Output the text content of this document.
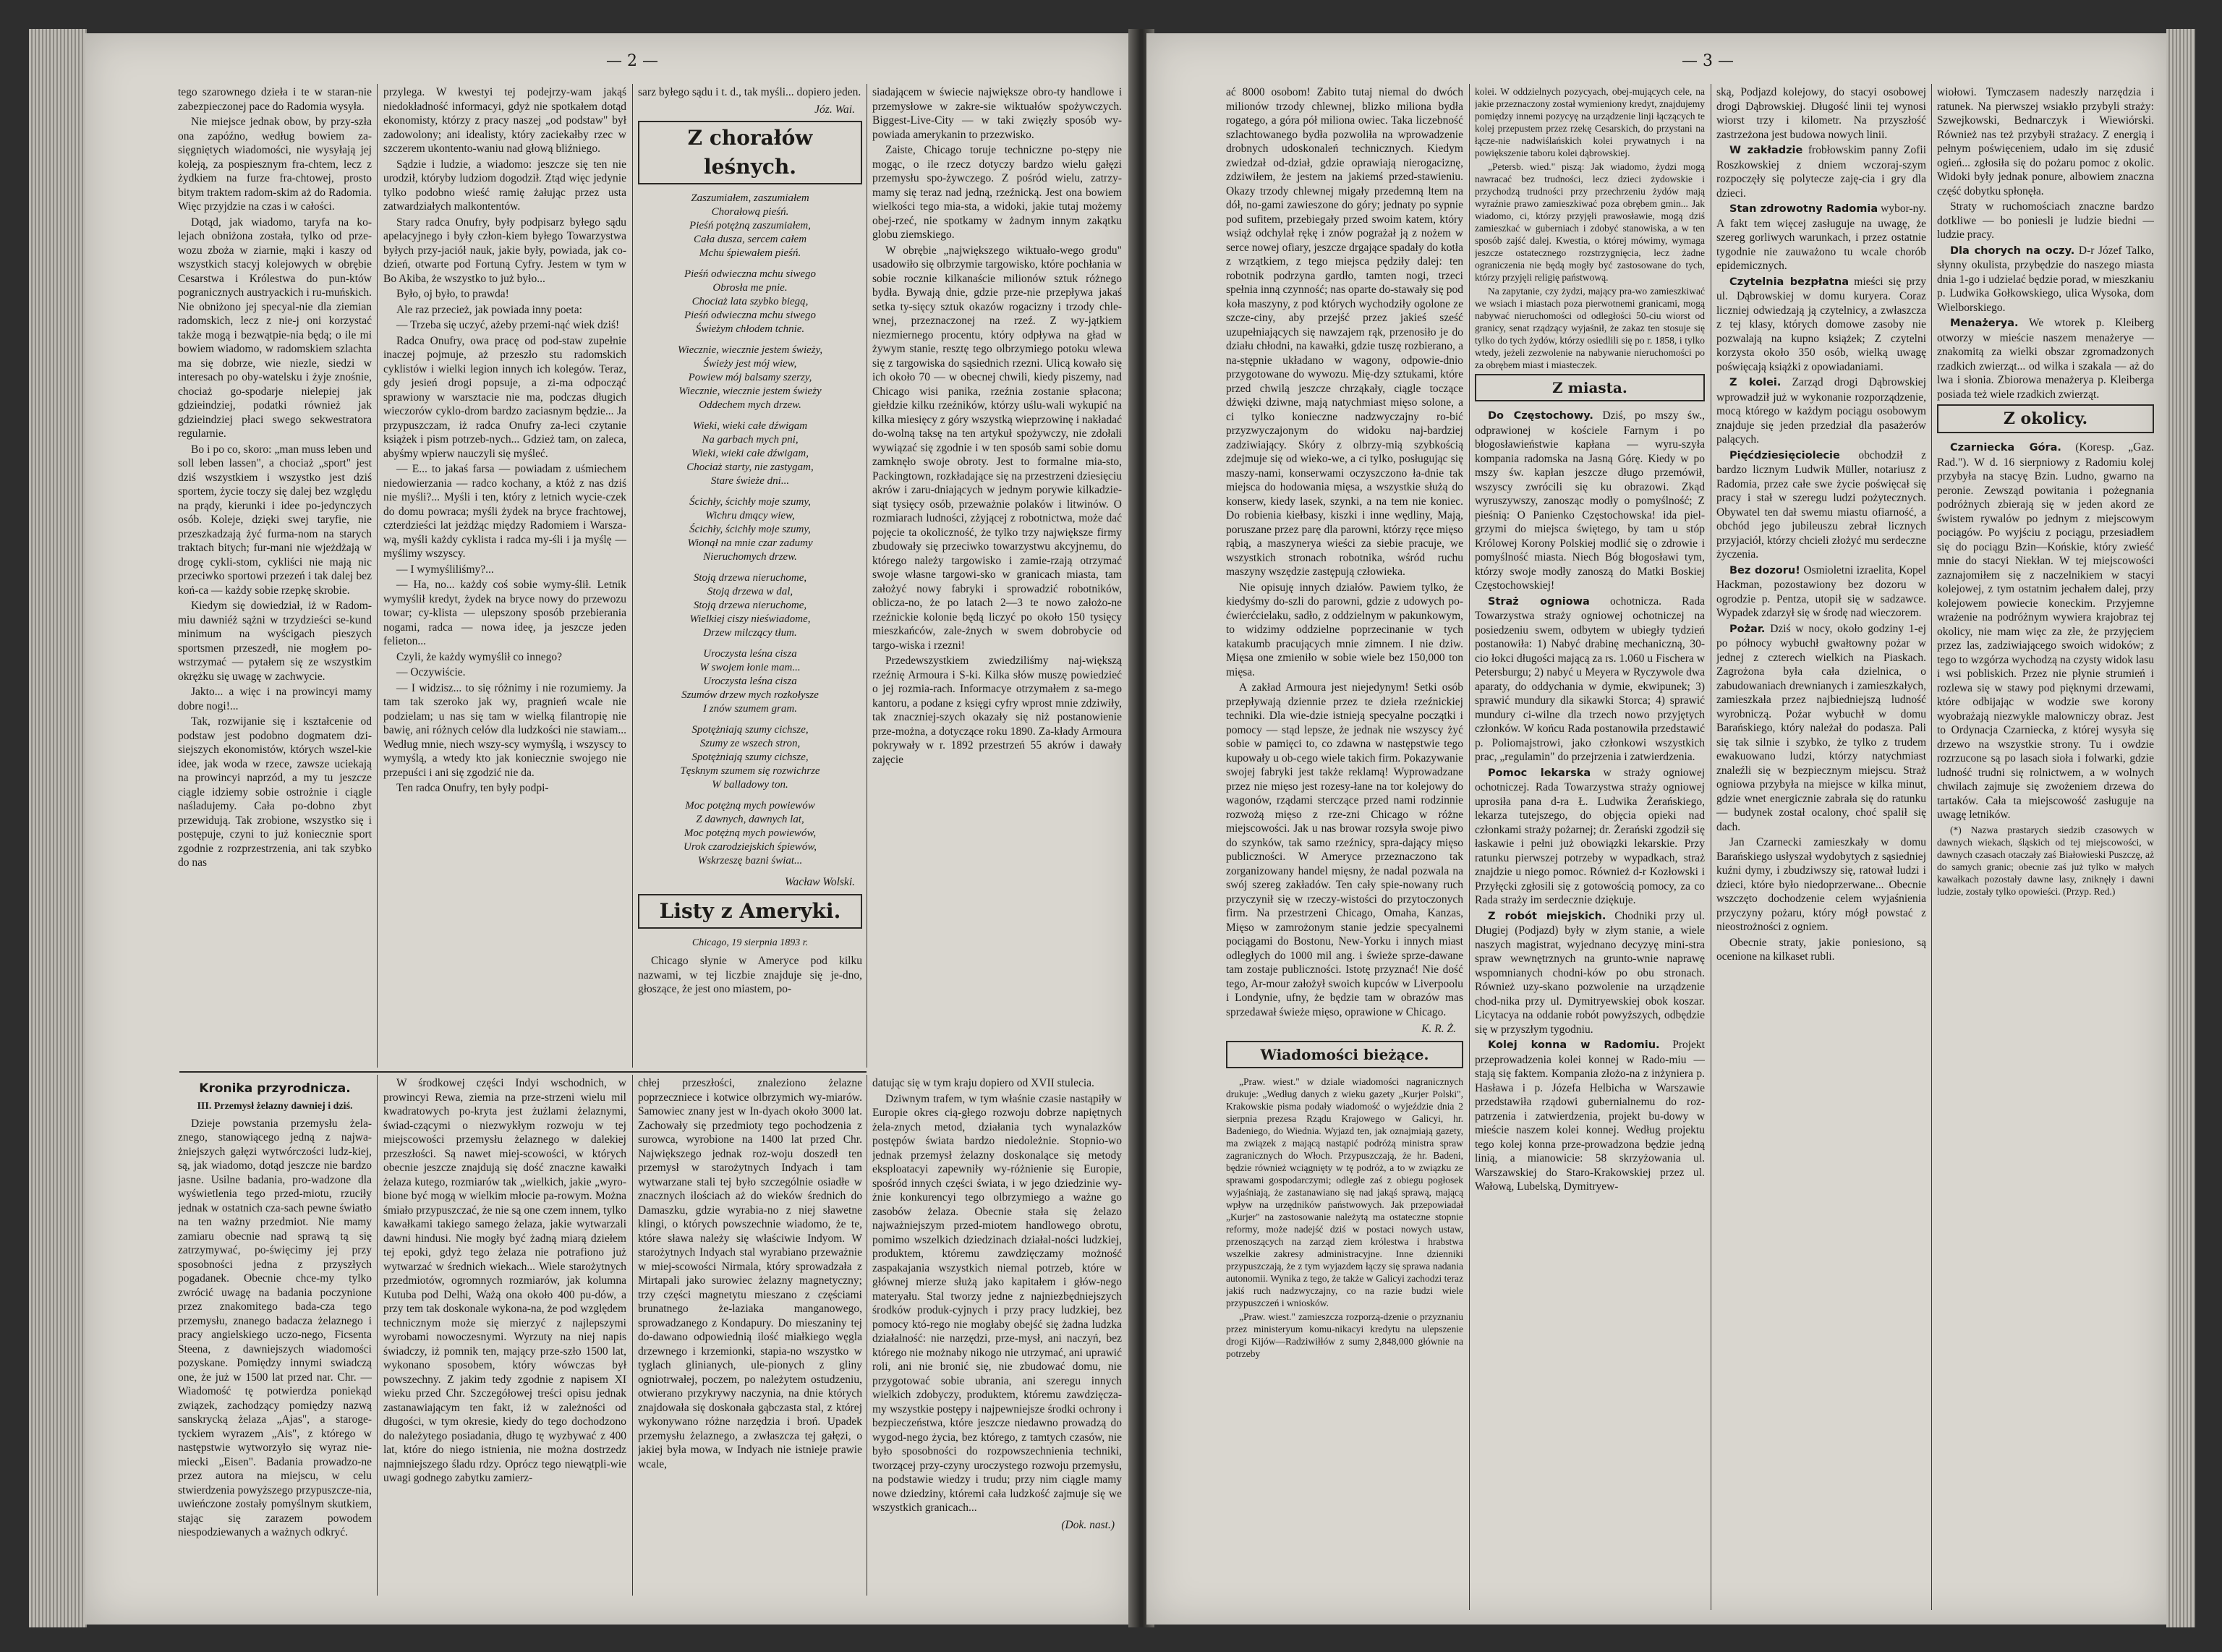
— 2 —

tego szarownego dzieła i te w staran-nie zabezpieczonej pace do Radomia wysyła.

Nie miejsce jednak obow, by przy-szła ona zapóźno, według bowiem za-sięgniętych wiadomości, nie wysyłają jej koleją, za pospiesznym fra-chtem, lecz z żydkiem na furze fra-chtowej, prosto bitym traktem radom-skim aż do Radomia. Więc przyjdzie na czas i w całości.

Dotąd, jak wiadomo, taryfa na ko-lejach obniżona została, tylko od prze-wozu zboża w ziarnie, mąki i kaszy od wszystkich stacyj kolejowych w obrębie Cesarstwa i Królestwa do pun-któw pogranicznych austryackich i ru-muńskich. Nie obniżono jej specyal-nie dla ziemian radomskich, lecz z nie-j oni korzystać także mogą i bezwątpie-nia będą; o ile mi bowiem wiadomo, w radomskiem szlachta ma się dobrze, wie niezle, siedzi w interesach po oby-watelsku i żyje znośnie, chociaż go-spodarje nielepiej jak gdzieindziej, podatki również jak gdzieindziej płaci swego sekwestratora regularnie.

Bo i po co, skoro: „man muss leben und soll leben lassen", a chociaż „sport" jest dziś wszystkiem i wszystko jest dziś sportem, życie toczy się dalej bez względu na prądy, kierunki i idee po-jedynczych osób. Koleje, dzięki swej taryfie, nie przeszkadzają żyć furma-nom na starych traktach bitych; fur-mani nie wjeżdżają w drogę cykli-stom, cykliści nie mają nic przeciwko sportowi przezeń i tak dalej bez koń-ca — każdy sobie rzepkę skrobie.

Kiedym się dowiedział, iż w Radom-miu dawniéż sążni w trzydzieści se-kund minimum na wyścigach pieszych sportsmen przeszedł, nie mogłem po-wstrzymać — pytałem się ze wszystkim okrężku się uwagę w zachwycie.

Jakto... a więc i na prowincyi mamy dobre nogi!...

Tak, rozwijanie się i kształcenie od podstaw jest podobno dogmatem dzi-siejszych ekonomistów, których wszel-kie idee, jak woda w rzece, zawsze uciekają na prowincyi naprzód, a my tu jeszcze ciągle idziemy sobie ostrożnie i ciągle naśladujemy. Cała po-dobno zbyt przewidują. Tak zrobione, wszystko się i postępuje, czyni to już koniecznie sport zgodnie z rozprzestrzenia, ani tak szybko do nas

przylega. W kwestyi tej podejrzy-wam jakąś niedokładność informacyi, gdyż nie spotkałem dotąd ekonomisty, którzy z pracy naszej „od podstaw" był zadowolony; ani idealisty, który zaciekałby rzec w szczerem ukontento-waniu nad głową bliźniego.

Sądzie i ludzie, a wiadomo: jeszcze się ten nie urodził, któryby ludziom dogodził. Ztąd więc jedynie tylko podobno wieść ramię żałując przez usta zatwardziałych malkontentów.

Stary radca Onufry, były podpisarz byłego sądu apelacyjnego i były człon-kiem byłego Towarzystwa byłych przy-jaciół nauk, jakie były, powiada, jak co-dzień, otwarte pod Fortuną Cyfry. Jestem w tym w Bo Akiba, że wszystko to już było...

Było, oj było, to prawda!

Ale raz przecież, jak powiada inny poeta:

— Trzeba się uczyć, ażeby przemi-nąć wiek dziś!

Radca Onufry, owa pracę od pod-staw zupełnie inaczej pojmuje, aż przeszło stu radomskich cyklistów i wielki legion innych ich kolegów. Teraz, gdy jesień drogi popsuje, a zi-ma odpocząć sprawiony w warsztacie nie ma, podczas długich wieczorów cyklo-drom bardzo zaciasnym będzie... Ja przypuszczam, iż radca Onufry za-leci czytanie książek i pism potrzeb-nych... Gdzież tam, on zaleca, abyśmy wpierw nauczyli się myśleć.

— E... to jakaś farsa — powiadam z uśmiechem niedowierzania — radco kochany, a któż z nas dziś nie myśli?... Myśli i ten, który z letnich wycie-czek do domu powraca; myśli żydek na bryce frachtowej, czterdzieści lat jeżdżąc między Radomiem i Warsza-wą, myśli każdy cyklista i radca my-śli i ja myślę — myślimy wszyscy.

— I wymyśliliśmy?...

— Ha, no... każdy coś sobie wymy-ślił. Letnik wymyślił kredyt, żydek na bryce nowy do przewozu towar; cy-klista — ulepszony sposób przebierania nogami, radca — nowa ideę, ja jeszcze jeden felieton...

Czyli, że każdy wymyślił co innego?

— Oczywiście.

— I widzisz... to się różnimy i nie rozumiemy. Ja tam tak szeroko jak wy, pragnień wcale nie podzielam; u nas się tam w wielką filantropię nie bawię, ani różnych celów dla ludzkości nie stawiam... Według mnie, niech wszy-scy wymyślą, i wszyscy to wymyślą, a wtedy kto jak koniecznie swojego nie przepuści i ani się zgodzić nie da.

Ten radca Onufry, ten były podpi-

sarz byłego sądu i t. d., tak myśli... dopiero jeden.

Józ. Wai.
Z chorałów leśnych.
Zaszumiałem, zaszumiałem
Chorałową pieśń.
Pieśń potężną zaszumiałem,
Cała dusza, sercem całem
Mchu śpiewałem pieśń.
Pieśń odwieczna mchu siwego
Obrosła me pnie.
Chociaż lata szybko biegą,
Pieśń odwieczna mchu siwego
Świeżym chłodem tchnie.
Wiecznie, wiecznie jestem świeży,
Świeży jest mój wiew,
Powiew mój balsamy szerzy,
Wiecznie, wiecznie jestem świeży
Oddechem mych drzew.
Wieki, wieki całe dźwigam
Na garbach mych pni,
Wieki, wieki całe dźwigam,
Chociaż starty, nie zastygam,
Stare świeże dni...
Ścichły, ścichły moje szumy,
Wichru dmący wiew,
Ścichły, ścichły moje szumy,
Wionął na mnie czar zadumy
Nieruchomych drzew.
Stoją drzewa nieruchome,
Stoją drzewa w dal,
Stoją drzewa nieruchome,
Wielkiej ciszy nieświadome,
Drzew milczący tłum.
Uroczysta leśna cisza
W swojem łonie mam...
Uroczysta leśna cisza
Szumów drzew mych rozkołysze
I znów szumem gram.
Spotężniają szumy cichsze,
Szumy ze wszech stron,
Spotężniają szumy cichsze,
Tęsknym szumem się rozwichrze
W balladowy ton.
Moc potężną mych powiewów
Z dawnych, dawnych lat,
Moc potężną mych powiewów,
Urok czarodziejskich śpiewów,
Wskrzeszę bazni świat...
Wacław Wolski.
Listy z Ameryki.
Chicago, 19 sierpnia 1893 r.

Chicago słynie w Ameryce pod kilku nazwami, w tej liczbie znajduje się je-dno, głoszące, że jest ono miastem, po-

siadającem w świecie największe obro-ty handlowe i przemysłowe w zakre-sie wiktuałów spożywczych. Biggest-Live-City — w taki zwięzły sposób wy-powiada amerykanin to przezwisko.

Zaiste, Chicago toruje techniczne po-stępy nie mogąc, o ile rzecz dotyczy bardzo wielu gałęzi przemysłu spo-żywczego. Z pośród wielu, zatrzy-mamy się teraz nad jedną, rzeźnicką. Jest ona bowiem wielkości tego mia-sta, a widoki, jakie tutaj możemy obej-rzeć, nie spotkamy w żadnym innym zakątku globu ziemskiego.

W obrębie „największego wiktuało-wego grodu" usadowiło się olbrzymie targowisko, które pochłania w sobie rocznie kilkanaście milionów sztuk różnego bydła. Bywają dnie, gdzie prze-nie przepływa jakaś setka ty-sięcy sztuk okazów rogacizny i trzody chle-wnej, przeznaczonej na rzeź. Z wy-jątkiem niezmiernego procentu, który odpływa na gład w żywym stanie, resztę tego olbrzymiego potoku wlewa się z targowiska do sąsiednich rzezni. Ulicą kowało się ich około 70 — w obecnej chwili, kiedy piszemy, nad Chicago wisi panika, rzeźnia zostanie spłacona; giełdzie kilku rzeźników, którzy uślu-wali wykupić na kilka miesięcy z góry wszystką wieprzowinę i nakładać do-wolną taksę na ten artykuł spożywczy, nie zdołali wywiązać się zgodnie i w ten sposób sami sobie domu zamknęło swoje obroty. Jest to formalne mia-sto, Packingtown, rozkładające się na przestrzeni dziesięciu akrów i zaru-dniających w jednym porywie kilkadzie-siąt tysięcy osób, przeważnie polaków i litwinów. O rozmiarach ludności, zżyjącej z robotnictwa, może dać pojęcie ta okoliczność, że tylko trzy największe firmy zbudowały się przeciwko towarzystwu akcyjnemu, do którego należy targowisko i zamie-rzają otrzymać swoje własne targowi-sko w granicach miasta, tam założyć nowy fabryki i sprowadzić robotników, oblicza-no, że po latach 2—3 te nowo założo-ne rzeźnickie kolonie będą liczyć po około 150 tysięcy mieszkańców, zale-żnych w swem dobrobycie od targo-wiska i rzezni!

Przedewszystkiem zwiedziliśmy naj-większą rzeźnię Armoura i S-ki. Kilka słów muszę powiedzieć o jej rozmia-rach. Informacye otrzymałem z sa-mego kantoru, a podane z księgi cyfry wprost mnie zdziwiły, tak znaczniej-szych okazały się niż postanowienie prze-można, a dotyczące roku 1890. Za-kłady Armoura pokrywały w r. 1892 przestrzeń 55 akrów i dawały zajęcie

Kronika przyrodnicza.
III. Przemysł żelazny dawniej i dziś.

Dzieje powstania przemysłu żela-znego, stanowiącego jedną z najwa-żniejszych gałęzi wytwórczości ludz-kiej, są, jak wiadomo, dotąd jeszcze nie bardzo jasne. Usilne badania, pro-wadzone dla wyświetlenia tego przed-miotu, rzuciły jednak w ostatnich cza-sach pewne światło na ten ważny przedmiot. Nie mamy zamiaru obecnie nad sprawą tą się zatrzymywać, po-święcimy jej przy sposobności jedna z przyszłych pogadanek. Obecnie chce-my tylko zwrócić uwagę na badania poczynione przez znakomitego bada-cza tego przemysłu, znanego badacza żelaznego i pracy angielskiego uczo-nego, Ficsenta Steena, z dawniejszych wiadomości pozyskane. Pomiędzy innymi swiadczą one, że już w 1500 lat przed nar. Chr. — Wiadomość tę potwierdza poniekąd związek, zachodzący pomiędzy nazwą sanskrycką żelaza „Ajas", a staroge-tyckiem wyrazem „Ais", z którego w następstwie wytworzyło się wyraz nie-miecki „Eisen". Badania prowadzo-ne przez autora na miejscu, w celu stwierdzenia powyższego przypuszcze-nia, uwieńczone zostały pomyślnym skutkiem, stając się zarazem powodem niespodziewanych a ważnych odkryć.

W środkowej części Indyi wschodnich, w prowincyi Rewa, ziemia na prze-strzeni wielu mil kwadratowych po-kryta jest żużlami żelaznymi, świad-czącymi o niezwykłym rozwoju w tej miejscowości przemysłu żelaznego w dalekiej przeszłości. Są nawet miej-scowości, w których obecnie jeszcze znajdują się dość znaczne kawałki żelaza kutego, rozmiarów tak „wielkich, jakie „wyro-bione być mogą w wielkim młocie pa-rowym. Można śmiało przypuszczać, że nie są one czem innem, tylko kawałkami takiego samego żelaza, jakie wytwarzali dawni hindusi. Nie mogły być żadną miarą dziełem tej epoki, gdyż tego żelaza nie potrafiono już wytwarzać w średnich wiekach... Wiele starożytnych przedmiotów, ogromnych rozmiarów, jak kolumna Kutuba pod Delhi, Ważą ona około 400 pu-dów, a przy tem tak doskonale wykona-na, że pod względem technicznym może się mierzyć z najlepszymi wyrobami nowoczesnymi. Wyrzuty na niej napis świadczy, iż pomnik ten, mający prze-szło 1500 lat, wykonano sposobem, który wówczas był powszechny. Z jakim tedy zgodnie z napisem XI wieku przed Chr. Szczegółowej treści opisu jednak zastanawiającym ten fakt, iż w zależności od długości, w tym okresie, kiedy do tego dochodzono do należytego posiadania, długo tę wyzbywać z 400 lat, które do niego istnienia, nie można dostrzedz najmniejszego śladu rdzy. Oprócz tego niewątpli-wie uwagi godnego zabytku zamierz-

chłej przeszłości, znaleziono żelazne poprzeczniece i kotwice olbrzymich wy-miarów. Samowiec znany jest w In-dyach około 3000 lat. Zachowały się przedmioty tego pochodzenia z surowca, wyrobione na 1400 lat przed Chr. Największego jednak roz-woju doszedł ten przemysł w starożytnych Indyach i tam wytwarzane stali tej było szczególnie osiadłe w znacznych ilościach aż do wieków średnich do Damaszku, gdzie wyrabia-no z niej sławetne klingi, o których powszechnie wiadomo, że te, które sława należy się właściwie Indyom. W starożytnych Indyach stal wyrabiano przeważnie w miej-scowości Nirmala, który sprowadzała z Mirtapali jako surowiec żelazny magnetyczny; trzy części magnetytu mieszano z częściami brunatnego że-laziaka manganowego, sprowadzanego z Kondapury. Do mieszaniny tej do-dawano odpowiednią ilość miałkiego węgla drzewnego i krzemionki, stapia-no wszystko w tyglach glinianych, ule-pionych z gliny ogniotrwałej, poczem, po należytem ostudzeniu, otwierano przykrywy naczynia, na dnie których znajdowała się doskonała gąbczasta stal, z której wykonywano różne narzędzia i broń. Upadek przemysłu żelaznego, a zwłaszcza tej gałęzi, o jakiej była mowa, w Indyach nie istnieje prawie wcale,

datując się w tym kraju dopiero od XVII stulecia.

Dziwnym trafem, w tym właśnie czasie nastąpiły w Europie okres cią-głego rozwoju dobrze napiętnych żela-znych metod, działania tych wynalazków postępów świata bardzo niedoleżnie. Stopnio-wo jednak przemysł żelazny doskonalące się metody eksploatacyi zapewniły wy-różnienie się Europie, spośród innych części świata, i w jego dziedzinie wy-żnie konkurencyi tego olbrzymiego a ważne go zasobów żelaza. Obecnie stała się żelazo najważniejszym przed-miotem handlowego obrotu, pomimo wszelkich dziedzinach działal-ności ludzkiej, produktem, któremu zawdzięczamy możność zaspakajania wszystkich niemal potrzeb, które w głównej mierze służą jako kapitałem i głów-nego materyału. Stal tworzy jedne z najniezbędniejszych środków produk-cyjnych i przy pracy ludzkiej, bez pomocy któ-rego nie mogłaby obejść się żadna ludzka działalność: nie narzędzi, prze-mysł, ani naczyń, bez którego nie możnaby nikogo nie utrzymać, ani uprawić roli, ani nie bronić się, nie zbudować domu, nie przygotować sobie ubrania, ani szeregu innych wielkich zdobyczy, produktem, któremu zawdzięcza-my wszystkie postępy i najpewniejsze środki ochrony i bezpieczeństwa, które jeszcze niedawno prowadzą do wygod-nego życia, bez którego, z tamtych czasów, nie było sposobności do rozpowszechnienia techniki, tworzącej przy-czyny uroczystego rozwoju przemysłu, na podstawie wiedzy i trudu; przy nim ciągle mamy nowe dziedziny, któremi cała ludzkość zajmuje się we wszystkich granicach...

(Dok. nast.)
— 3 —

ać 8000 osobom! Zabito tutaj niemal do dwóch milionów trzody chlewnej, blizko miliona bydła rogatego, a góra pół miliona owiec. Taka liczebność szlachtowanego bydła pozwoliła na wprowadzenie drobnych udoskonaleń technicznych. Kiedym zwiedzał od-dział, gdzie oprawiają nierogaciznę, zdziwiłem, że jestem na jakiemś przed-stawieniu. Okazy trzody chlewnej migały przedemną ltem na dół, no-gami zawieszone do góry; jednaty po sypnie pod sufitem, przebiegały przed swoim katem, który wsiąż odchylał rękę i znów pograżał ją z nożem w serce nowej ofiary, jeszcze drgające spadały do kotła z wrzątkiem, z tego miejsca pędziły dalej: ten robotnik podrzyna gardło, tamten nogi, trzeci spełnia inną czynność; nas oparte do-stawały się pod koła maszyny, z pod których wychodziły ogolone ze szcze-ciny, aby przejść przez jakieś sześć uzupełniających się nawzajem rąk, przenosiło je do działu chłodni, na kawałki, gdzie tuszę rozbierano, a na-stępnie układano w wagony, odpowie-dnio przygotowane do wywozu. Mię-dzy sztukami, które przed chwilą jeszcze chrząkały, ciągle toczące dźwięki dziwne, mają natychmiast mięso solone, a ci tylko konieczne nadzwyczajny ro-bić przyzwyczajonym do widoku naj-bardziej zadziwiający. Skóry z olbrzy-mią szybkością zdejmuje się od wieko-we, a ci tylko, posługując się maszy-nami, konserwami oczyszczono ła-dnie tak miejsca do hodowania mięsa, a wszystkie służą do konserw, kiedy lasek, szynki, a na tem nie koniec. Do robienia kiełbasy, kiszki i inne wędliny, Mają, poruszane przez parę dla parowni, którzy ręce mięso rąbią, a maszynerya wieści za siebie pracuje, we wszystkich stronach robotnika, wśród ruchu maszyny wszędzie zastępują człowieka.

Nie opisuję innych działów. Pawiem tylko, że kiedyśmy do-szli do parowni, gdzie z udowych po-ćwierćcielaku, sadło, z oddzielnym w pakunkowym, to widzimy oddzielne poprzecinanie w tych katakumb pracujących mnie zimnem. I nie dziw. Mięsa one zmieniło w sobie wiele bez 150,000 ton mięsa.

A zakład Armoura jest niejedynym! Setki osób przepływają dziennie przez te dzieła rzeźnickiej techniki. Dla wie-dzie istnieją specyalne początki i pomocy — stąd lepsze, że jednak nie wszyscy żyć sobie w pamięci to, co zdawna w następstwie tego kupowały u ob-cego wiele takich firm. Pokazywanie swojej fabryki jest także reklamą! Wyprowadzane przez nie mięso jest rozesy-łane na tor kolejowy do wagonów, rządami sterczące przed nami rodzinnie rozwożą mięso z rze-zni Chicago w różne miejscowości. Jak u nas browar rozsyła swoje piwo do szynków, tak samo rzeźnicy, spra-dający mięso publiczności. W Ameryce przeznaczono tak zorganizowany handel mięsny, że nadal pozwala na swój szereg zakładów. Ten cały spie-nowany ruch przyczynił się w rzeczy-wistości do przytoczonych firm. Na przestrzeni Chicago, Omaha, Kanzas, Mięso w zamrożonym stanie jedzie specyalnemi pociągami do Bostonu, New-Yorku i innych miast odległych do 1000 mil ang. i świeże sprze-dawane tam zostaje publiczności. Istotę przyznać! Nie dość tego, Ar-mour założył swoich kupców w Liverpoolu i Londynie, ufny, że będzie tam w obrazów mas sprzedawał świeże mięso, oprawione w Chicago.

K. R. Ż.
Wiadomości bieżące.

„Praw. wiest." w dziale wiadomości nagranicznych drukuje: „Według danych z wieku gazety „Kurjer Polski", Krakowskie pisma podały wiadomość o wyjeździe dnia 2 sierpnia prezesa Rządu Krajowego w Galicyi, hr. Badeniego, do Wiednia. Wyjazd ten, jak oznajmiają gazety, ma związek z mającą nastąpić podróżą ministra spraw zagranicznych do Włoch. Przypuszczają, że hr. Badeni, będzie również wciągnięty w tę podróż, a to w związku ze sprawami gospodarczymi; odległe zaś z obiegu pogłosek wyjaśniają, że zastanawiano się nad jakąś sprawą, mającą wpływ na urzędników państwowych. Jak przepowiadał „Kurjer" na zastosowanie należytą ma ostateczne stopnie reformy, może nadejść dziś w postaci nowych ustaw, przenoszących na zarząd ziem królestwa i hrabstwa wszelkie zakresy administracyjne. Inne dzienniki przypuszczają, że z tym wyjazdem łączy się sprawa nadania autonomii. Wynika z tego, że także w Galicyi zachodzi teraz jakiś ruch nadzwyczajny, co na razie budzi wiele przypuszczeń i wniosków.

„Praw. wiest." zamieszcza rozporzą-dzenie o przyznaniu przez ministeryum komu-nikacyi kredytu na ulepszenie drogi Kijów—Radziwiłłów z sumy 2,848,000 głównie na potrzeby

kolei. W oddzielnych pozycyach, obej-mujących cele, na jakie przeznaczony został wymieniony kredyt, znajdujemy pomiędzy innemi pozycyę na urządzenie linji łączących te kolej przepustem przez rzekę Cesarskich, do przystani na łącze-nie nadwiślańskich kolei prywatnych i na powiększenie taboru kolei dąbrowskiej.

„Petersb. wied." piszą: Jak wiadomo, żydzi mogą nawracać bez trudności, lecz dzieci żydowskie i przychodzą trudności przy przechrzeniu żydów mają wyraźnie prawo zamieszkiwać poza obrębem gmin... Jak wiadomo, ci, którzy przyjęli prawosławie, mogą dziś zamieszkać w guberniach i zdobyć stanowiska, a w ten sposób zajść dalej. Kwestia, o której mówimy, wymaga jeszcze ostatecznego rozstrzygnięcia, lecz żadne ograniczenia nie będą mogły być zastosowane do tych, którzy przyjęli religię państwową.

Na zapytanie, czy żydzi, mający pra-wo zamieszkiwać we wsiach i miastach poza pierwotnemi granicami, mogą nabywać nieruchomości od odległości 50-ciu wiorst od granicy, senat rządzący wyjaśnił, że zakaz ten stosuje się tylko do tych żydów, którzy osiedlili się po r. 1858, i tylko wtedy, jeżeli zezwolenie na nabywanie nieruchomości po za obrębem miast i miasteczek.

Z miasta.

Do Częstochowy. Dziś, po mszy św., odprawionej w kościele Farnym i po błogosławieństwie kapłana — wyru-szyła kompania radomska na Jasną Górę. Kiedy w po mszy św. kapłan jeszcze długo przemówił, wszyscy zwrócili się ku obrazowi. Zkąd wyruszywszy, zanosząc modły o pomyślność; Z pieśnią: O Panienko Częstochowska! ida piel-grzymi do miejsca świętego, by tam u stóp Królowej Korony Polskiej modlić się o zdrowie i pomyślność miasta. Niech Bóg błogosławi tym, którzy swoje modły zanoszą do Matki Boskiej Częstochowskiej!

Straż ogniowa ochotnicza. Rada Towarzystwa straży ogniowej ochotniczej na posiedzeniu swem, odbytem w ubiegły tydzień postanowiła: 1) Nabyć drabinę mechaniczną, 30-cio łokci długości mającą za rs. 1.060 u Fischera w Petersburgu; 2) nabyć u Meyera w Ryczywole dwa aparaty, do oddychania w dymie, ekwipunek; 3) sprawić mundury dla sikawki Storca; 4) sprawić mundury ci-wilne dla trzech nowo przyjętych członków. W końcu Rada postanowiła przedstawić p. Poliomajstrowi, jako członkowi wszystkich prac, „regulamin" do przejrzenia i zatwierdzenia.

Pomoc lekarska w straży ogniowej ochotniczej. Rada Towarzystwa straży ogniowej uprosiła pana d-ra Ł. Ludwika Żerańskiego, lekarza tutejszego, do objęcia opieki nad członkami straży pożarnej; dr. Żerański zgodził się łaskawie i pełni już obowiązki lekarskie. Przy ratunku pierwszej potrzeby w wypadkach, straż znajdzie u niego pomoc. Również d-r Kozłowski i Przyłęcki zgłosili się z gotowością pomocy, za co Rada straży im serdecznie dziękuje.

Z robót miejskich. Chodniki przy ul. Długiej (Podjazd) były w złym stanie, a wiele naszych magistrat, wyjednano decyzyę mini-stra spraw wewnętrznych na grunto-wnie naprawę wspomnianych chodni-ków po obu stronach. Również uzy-skano pozwolenie na urządzenie chod-nika przy ul. Dymitryewskiej obok koszar. Licytacya na oddanie robót powyższych, odbędzie się w przyszłym tygodniu.

Kolej konna w Radomiu. Projekt przeprowadzenia kolei konnej w Rado-miu — stają się faktem. Kompania złożo-na z inżyniera p. Hasława i p. Józefa Helbicha w Warszawie przedstawiła rządowi gubernialnemu do roz-patrzenia i zatwierdzenia, projekt bu-dowy w mieście naszem kolei konnej. Według projektu tego kolej konna prze-prowadzona będzie jedną linią, a mianowicie: 58 skrzyżowania ul. Warszawskiej do Staro-Krakowskiej przez ul. Wałową, Lubelską, Dymitryew-

ską, Podjazd kolejowy, do stacyi osobowej drogi Dąbrowskiej. Długość linii tej wynosi wiorst trzy i kilometr. Na przyszłość zastrzeżona jest budowa nowych linii.

W zakładzie frobłowskim panny Zofii Roszkowskiej z dniem wczoraj-szym rozpoczęły się polytecze zaję-cia i gry dla dzieci.

Stan zdrowotny Radomia wybor-ny. A fakt tem więcej zasługuje na uwagę, że szereg gorliwych warunkach, i przez ostatnie tygodnie nie zauważono tu wcale chorób epidemicznych.

Czytelnia bezpłatna mieści się przy ul. Dąbrowskiej w domu kuryera. Coraz liczniej odwiedzają ją czytelnicy, a zwłaszcza z tej klasy, których domowe zasoby nie pozwalają na kupno książek; Z czytelni korzysta około 350 osób, wielką uwagę poświęcają książki z opowiadaniami.

Z kolei. Zarząd drogi Dąbrowskiej wprowadził już w wykonanie rozporządzenie, mocą którego w każdym pociągu osobowym znajduje się jeden przedział dla pasażerów palących.

Pięćdziesięciolecie obchodził z bardzo licznym Ludwik Müller, notariusz z Radomia, przez całe swe życie poświęcał się pracy i stał w szeregu ludzi pożytecznych. Obywatel ten dał swemu miastu ofiarność, a obchód jego jubileuszu zebrał licznych przyjaciół, którzy chcieli złożyć mu serdeczne życzenia.

Bez dozoru! Osmioletni izraelita, Kopel Hackman, pozostawiony bez dozoru w ogrodzie p. Pentza, utopił się w sadzawce. Wypadek zdarzył się w środę nad wieczorem.

Pożar. Dziś w nocy, około godziny 1-ej po północy wybuchł gwałtowny pożar w jednej z czterech wielkich na Piaskach. Zagrożona była cała dzielnica, o zabudowaniach drewnianych i zamieszkałych, zamieszkała przez najbiedniejszą ludność wyrobniczą. Pożar wybuchł w domu Barańskiego, który należał do podasza. Pali się tak silnie i szybko, że tylko z trudem ewakuowano ludzi, którzy natychmiast znaleźli się w bezpiecznym miejscu. Straż ogniowa przybyła na miejsce w kilka minut, gdzie wnet energicznie zabrała się do ratunku — budynek został ocalony, choć spalił się dach.

Jan Czarnecki zamieszkały w domu Barańskiego usłyszał wydobytych z sąsiedniej kuźni dymy, i zbudziwszy się, ratował ludzi i dzieci, które było niedoprzerwane... Obecnie wszczęto dochodzenie celem wyjaśnienia przyczyny pożaru, który mógł powstać z nieostrożności z ogniem.

Obecnie straty, jakie poniesiono, są ocenione na kilkaset rubli.

wiołowi. Tymczasem nadeszły narzędzia i ratunek. Na pierwszej wsiakło przybyli straży: Szwejkowski, Bednarczyk i Wiewiórski. Również nas też przybyłi strażacy. Z energią i pełnym poświęceniem, udało im się zdusić ogień... zgłosiła się do pożaru pomoc z okolic. Widoki były jednak ponure, albowiem znaczna część dobytku spłonęła.

Straty w ruchomościach znaczne bardzo dotkliwe — bo poniesli je ludzie biedni — ludzie pracy.

Dla chorych na oczy. D-r Józef Talko, słynny okulista, przybędzie do naszego miasta dnia 1-go i udzielać będzie porad, w mieszkaniu p. Ludwika Gołkowskiego, ulica Wysoka, dom Wielborskiego.

Menażerya. We wtorek p. Kleiberg otworzy w mieście naszem menażerye — znakomitą za wielki obszar zgromadzonych rzadkich zwierząt... od wilka i szakala — aż do lwa i słonia. Zbiorowa menażerya p. Kleiberga posiada też wiele rzadkich zwierząt.

Z okolicy.

Czarniecka Góra. (Koresp. „Gaz. Rad."). W d. 16 sierpniowy z Radomiu kolej przybyła na stacyę Bzin. Ludno, gwarno na peronie. Zewsząd powitania i pożegnania podróżnych zbierają się w jeden akord ze świstem rywalów po jednym z miejscowym pociągów. Po wyjściu z pociągu, przesiadłem się do pociągu Bzin—Końskie, który zwieść mnie do stacyi Niekłan. W tej miejscowości zaznajomiłem się z naczelnikiem w stacyi kolejowej, z tym ostatnim jechałem dalej, przy kolejowem powiecie koneckim. Przyjemne wrażenie na podróżnym wywiera krajobraz tej okolicy, nie mam więc za złe, że przyjęciem przez las, zadziwiającego swoich widoków; z tego to wzgórza wychodzą na czysty widok lasu i wsi pobliskich. Przez nie płynie strumień i rozlewa się w stawy pod pięknymi drzewami, które odbijając w wodzie swe korony wyobrażają niezwykle malowniczy obraz. Jest to Ordynacja Czarniecka, z której wysyła się drzewo na wszystkie strony. Tu i owdzie rozrzucone są po lasach sioła i folwarki, gdzie ludność trudni się rolnictwem, a w wolnych chwilach zajmuje się zwożeniem drzewa do tartaków. Cała ta miejscowość zasługuje na uwagę letników.

(*) Nazwa prastarych siedzib czasowych w dawnych wiekach, śląskich od tej miejscowości, w dawnych czasach otaczały zaś Białowieski Puszczę, aż do samych granic; obecnie zaś już tylko w małych kawałkach pozostały dawne lasy, zniknęły i dawni ludzie, zostały tylko opowieści. (Przyp. Red.)
